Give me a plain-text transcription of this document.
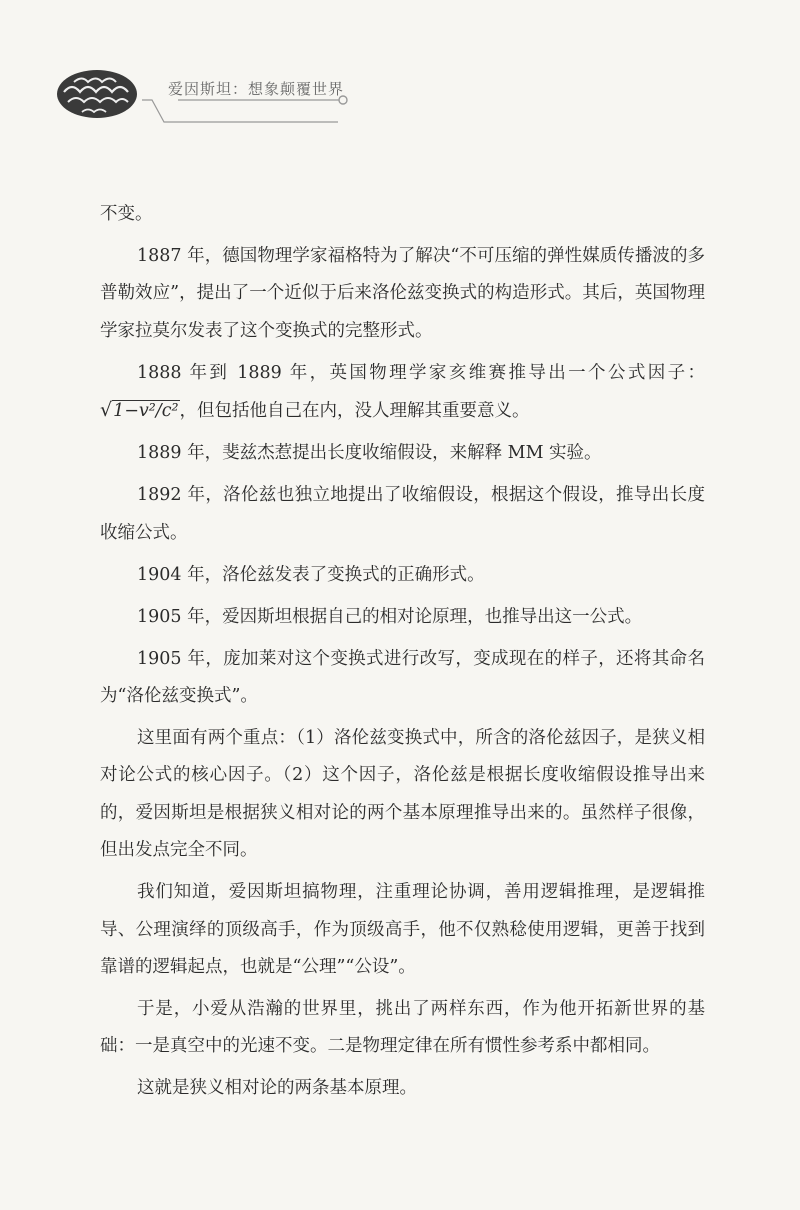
爱因斯坦：想象颠覆世界

不变。

1887 年，德国物理学家福格特为了解决“不可压缩的弹性媒质传播波的多普勒效应”，提出了一个近似于后来洛伦兹变换式的构造形式。其后，英国物理学家拉莫尔发表了这个变换式的完整形式。

1888 年到 1889 年，英国物理学家亥维赛推导出一个公式因子：√1−v²/c²，但包括他自己在内，没人理解其重要意义。

1889 年，斐兹杰惹提出长度收缩假设，来解释 MM 实验。

1892 年，洛伦兹也独立地提出了收缩假设，根据这个假设，推导出长度收缩公式。

1904 年，洛伦兹发表了变换式的正确形式。

1905 年，爱因斯坦根据自己的相对论原理，也推导出这一公式。

1905 年，庞加莱对这个变换式进行改写，变成现在的样子，还将其命名为“洛伦兹变换式”。

这里面有两个重点：（1）洛伦兹变换式中，所含的洛伦兹因子，是狭义相对论公式的核心因子。（2）这个因子，洛伦兹是根据长度收缩假设推导出来的，爱因斯坦是根据狭义相对论的两个基本原理推导出来的。虽然样子很像，但出发点完全不同。

我们知道，爱因斯坦搞物理，注重理论协调，善用逻辑推理，是逻辑推导、公理演绎的顶级高手，作为顶级高手，他不仅熟稔使用逻辑，更善于找到靠谱的逻辑起点，也就是“公理”“公设”。

于是，小爱从浩瀚的世界里，挑出了两样东西，作为他开拓新世界的基础：一是真空中的光速不变。二是物理定律在所有惯性参考系中都相同。

这就是狭义相对论的两条基本原理。
